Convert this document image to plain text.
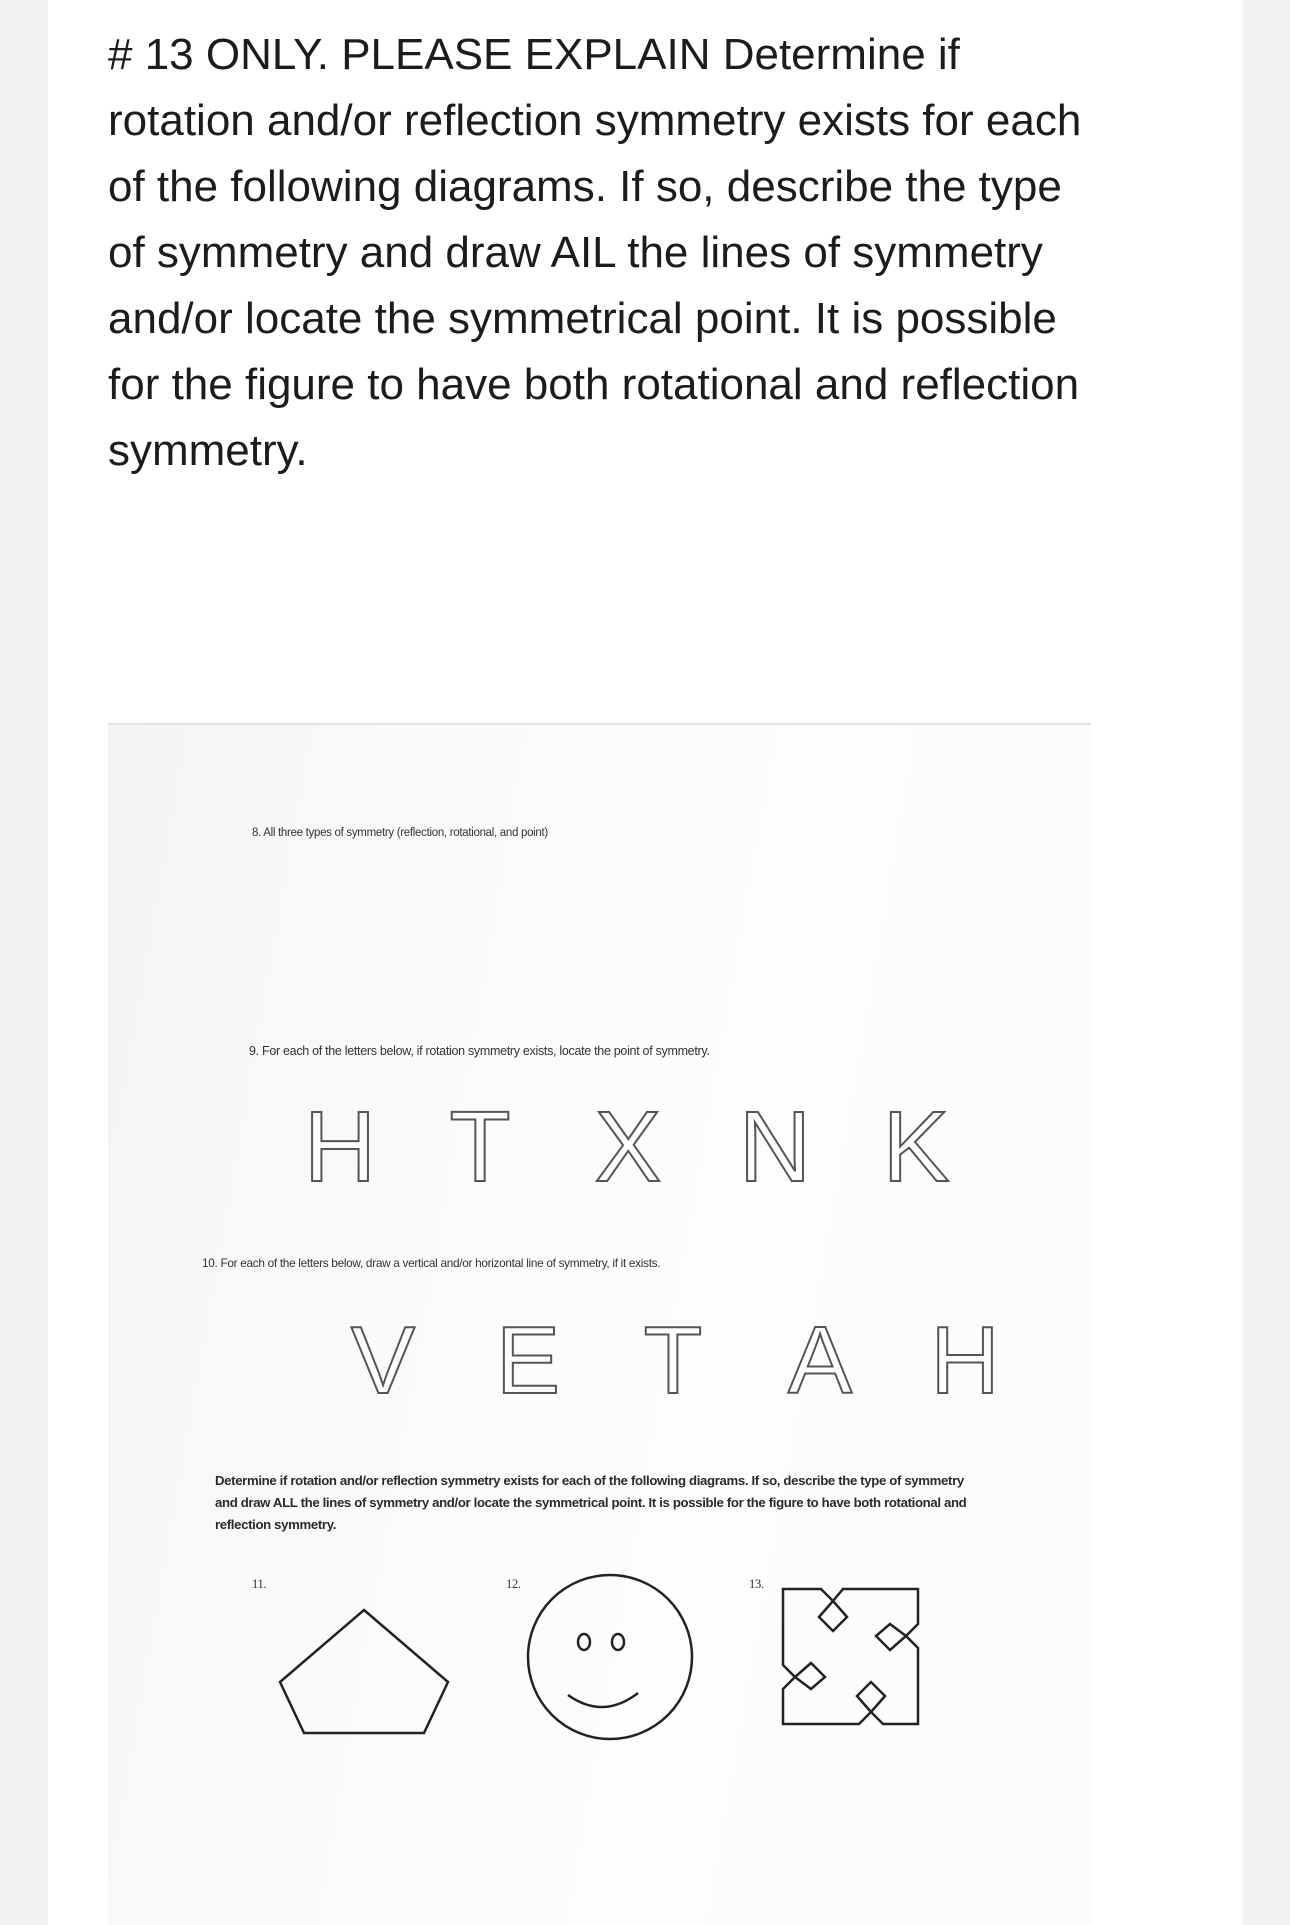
# 13 ONLY. PLEASE EXPLAIN Determine if rotation and/or reflection symmetry exists for each of the following diagrams. If so, describe the type of symmetry and draw AIL the lines of symmetry and/or locate the symmetrical point. It is possible for the figure to have both rotational and reflection symmetry.

8. All three types of symmetry (reflection, rotational, and point)
9. For each of the letters below, if rotation symmetry exists, locate the point of symmetry.
H T X N K
V E T A H
10. For each of the letters below, draw a vertical and/or horizontal line of symmetry, if it exists.
Determine if rotation and/or reflection symmetry exists for each of the following diagrams. If so, describe the type of symmetry and draw ALL the lines of symmetry and/or locate the symmetrical point. It is possible for the figure to have both rotational and reflection symmetry.
11.	12.	13.
